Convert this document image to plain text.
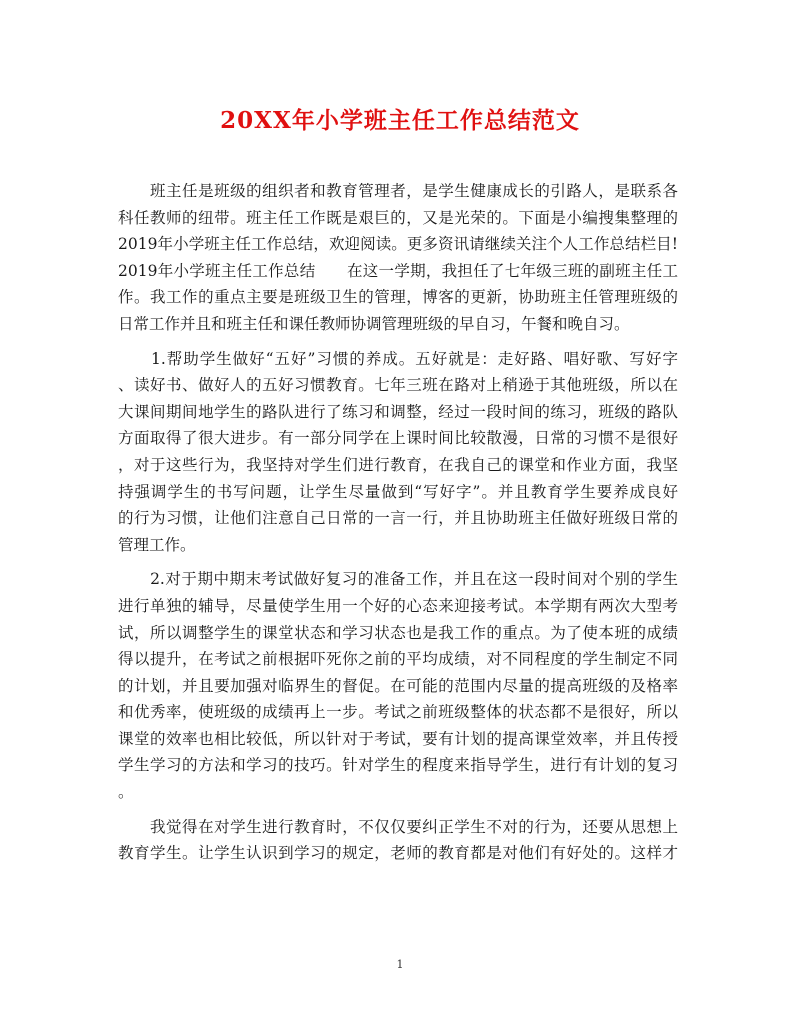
20XX年小学班主任工作总结范文
　　班主任是班级的组织者和教育管理者，是学生健康成长的引路人，是联系各
科任教师的纽带。班主任工作既是艰巨的，又是光荣的。下面是小编搜集整理的
2019年小学班主任工作总结，欢迎阅读。更多资讯请继续关注个人工作总结栏目!
2019年小学班主任工作总结　　在这一学期，我担任了七年级三班的副班主任工
作。我工作的重点主要是班级卫生的管理，博客的更新，协助班主任管理班级的
日常工作并且和班主任和课任教师协调管理班级的早自习，午餐和晚自习。
　　1.帮助学生做好“五好”习惯的养成。五好就是：走好路、唱好歌、写好字
、读好书、做好人的五好习惯教育。七年三班在路对上稍逊于其他班级，所以在
大课间期间地学生的路队进行了练习和调整，经过一段时间的练习，班级的路队
方面取得了很大进步。有一部分同学在上课时间比较散漫，日常的习惯不是很好
，对于这些行为，我坚持对学生们进行教育，在我自己的课堂和作业方面，我坚
持强调学生的书写问题，让学生尽量做到“写好字”。并且教育学生要养成良好
的行为习惯，让他们注意自己日常的一言一行，并且协助班主任做好班级日常的
管理工作。
　　2.对于期中期末考试做好复习的准备工作，并且在这一段时间对个别的学生
进行单独的辅导，尽量使学生用一个好的心态来迎接考试。本学期有两次大型考
试，所以调整学生的课堂状态和学习状态也是我工作的重点。为了使本班的成绩
得以提升，在考试之前根据吓死你之前的平均成绩，对不同程度的学生制定不同
的计划，并且要加强对临界生的督促。在可能的范围内尽量的提高班级的及格率
和优秀率，使班级的成绩再上一步。考试之前班级整体的状态都不是很好，所以
课堂的效率也相比较低，所以针对于考试，要有计划的提高课堂效率，并且传授
学生学习的方法和学习的技巧。针对学生的程度来指导学生，进行有计划的复习
。
　　我觉得在对学生进行教育时，不仅仅要纠正学生不对的行为，还要从思想上
教育学生。让学生认识到学习的规定，老师的教育都是对他们有好处的。这样才
1
